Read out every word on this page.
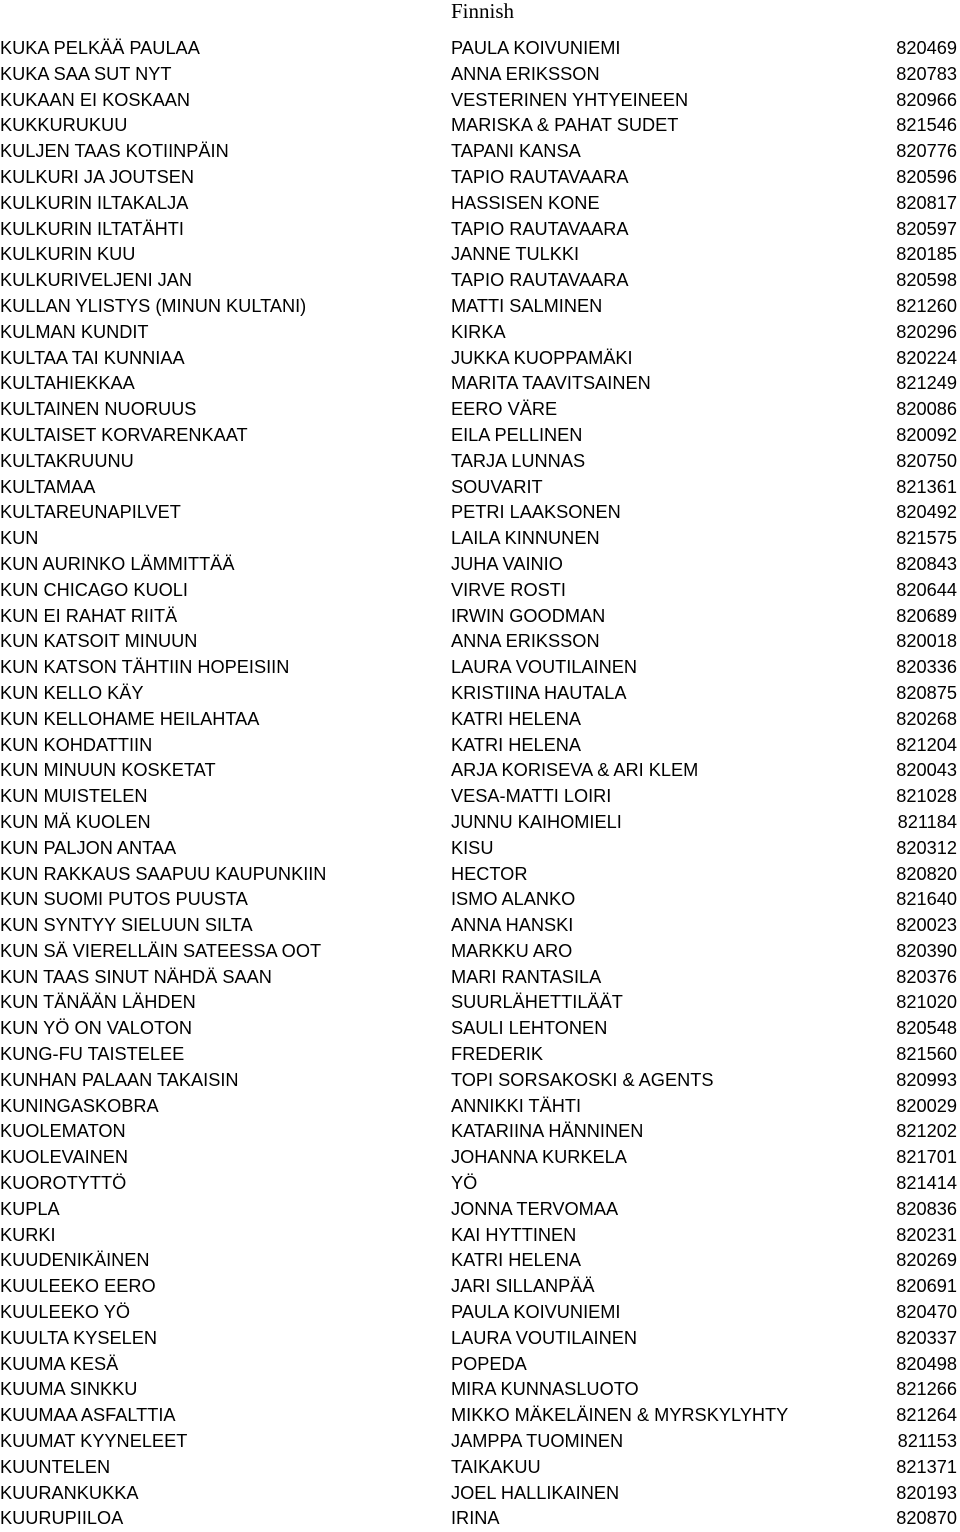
Finnish
KUKA PELKÄÄ PAULAA	PAULA KOIVUNIEMI	820469
KUKA SAA SUT NYT	ANNA ERIKSSON	820783
KUKAAN EI KOSKAAN	VESTERINEN YHTYEINEEN	820966
KUKKURUKUU	MARISKA & PAHAT SUDET	821546
KULJEN TAAS KOTIINPÄIN	TAPANI KANSA	820776
KULKURI JA JOUTSEN	TAPIO RAUTAVAARA	820596
KULKURIN ILTAKALJA	HASSISEN KONE	820817
KULKURIN ILTATÄHTI	TAPIO RAUTAVAARA	820597
KULKURIN KUU	JANNE TULKKI	820185
KULKURIVELJENI JAN	TAPIO RAUTAVAARA	820598
KULLAN YLISTYS (MINUN KULTANI)	MATTI SALMINEN	821260
KULMAN KUNDIT	KIRKA	820296
KULTAA TAI KUNNIAA	JUKKA KUOPPAMÄKI	820224
KULTAHIEKKAA	MARITA TAAVITSAINEN	821249
KULTAINEN NUORUUS	EERO VÄRE	820086
KULTAISET KORVARENKAAT	EILA PELLINEN	820092
KULTAKRUUNU	TARJA LUNNAS	820750
KULTAMAA	SOUVARIT	821361
KULTAREUNAPILVET	PETRI LAAKSONEN	820492
KUN	LAILA KINNUNEN	821575
KUN AURINKO LÄMMITTÄÄ	JUHA VAINIO	820843
KUN CHICAGO KUOLI	VIRVE ROSTI	820644
KUN EI RAHAT RIITÄ	IRWIN GOODMAN	820689
KUN KATSOIT MINUUN	ANNA ERIKSSON	820018
KUN KATSON TÄHTIIN HOPEISIIN	LAURA VOUTILAINEN	820336
KUN KELLO KÄY	KRISTIINA HAUTALA	820875
KUN KELLOHAME HEILAHTAA	KATRI HELENA	820268
KUN KOHDATTIIN	KATRI HELENA	821204
KUN MINUUN KOSKETAT	ARJA KORISEVA & ARI KLEM	820043
KUN MUISTELEN	VESA-MATTI LOIRI	821028
KUN MÄ KUOLEN	JUNNU KAIHOMIELI	821184
KUN PALJON ANTAA	KISU	820312
KUN RAKKAUS SAAPUU KAUPUNKIIN	HECTOR	820820
KUN SUOMI PUTOS PUUSTA	ISMO ALANKO	821640
KUN SYNTYY SIELUUN SILTA	ANNA HANSKI	820023
KUN SÄ VIERELLÄIN SATEESSA OOT	MARKKU ARO	820390
KUN TAAS SINUT NÄHDÄ SAAN	MARI RANTASILA	820376
KUN TÄNÄÄN LÄHDEN	SUURLÄHETTILÄÄT	821020
KUN YÖ ON VALOTON	SAULI LEHTONEN	820548
KUNG-FU TAISTELEE	FREDERIK	821560
KUNHAN PALAAN TAKAISIN	TOPI SORSAKOSKI & AGENTS	820993
KUNINGASKOBRA	ANNIKKI TÄHTI	820029
KUOLEMATON	KATARIINA HÄNNINEN	821202
KUOLEVAINEN	JOHANNA KURKELA	821701
KUOROTYTTÖ	YÖ	821414
KUPLA	JONNA TERVOMAA	820836
KURKI	KAI HYTTINEN	820231
KUUDENIKÄINEN	KATRI HELENA	820269
KUULEEKO EERO	JARI SILLANPÄÄ	820691
KUULEEKO YÖ	PAULA KOIVUNIEMI	820470
KUULTA KYSELEN	LAURA VOUTILAINEN	820337
KUUMA KESÄ	POPEDA	820498
KUUMA SINKKU	MIRA KUNNASLUOTO	821266
KUUMAA ASFALTTIA	MIKKO MÄKELÄINEN & MYRSKYLYHTY	821264
KUUMAT KYYNELEET	JAMPPA TUOMINEN	821153
KUUNTELEN	TAIKAKUU	821371
KUURANKUKKA	JOEL HALLIKAINEN	820193
KUURUPIILOA	IRINA	820870
